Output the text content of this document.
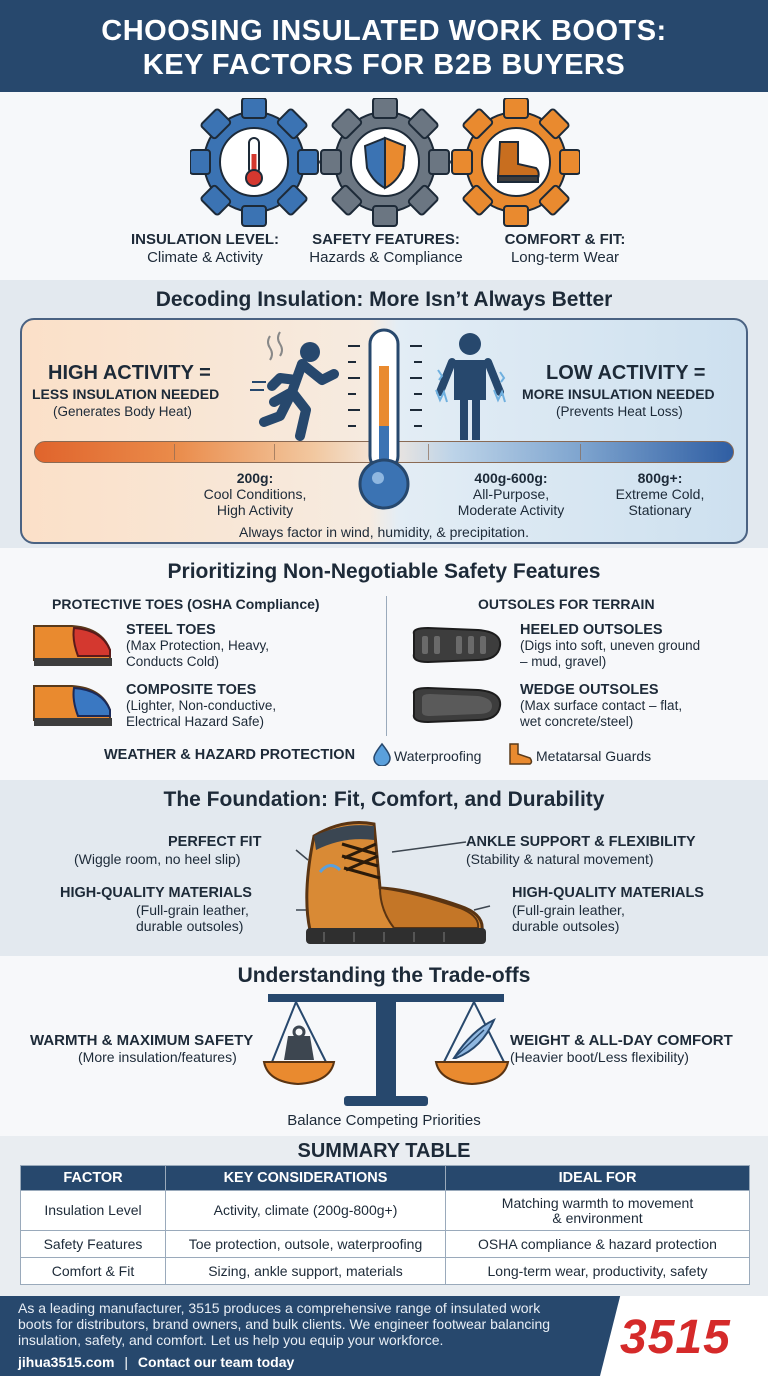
CHOOSING INSULATED WORK BOOTS:
KEY FACTORS FOR B2B BUYERS
INSULATION LEVEL:
Climate & Activity
SAFETY FEATURES:
Hazards & Compliance
COMFORT & FIT:
Long-term Wear
Decoding Insulation: More Isn’t Always Better
HIGH ACTIVITY =
LESS INSULATION NEEDED
(Generates Body Heat)
LOW ACTIVITY =
MORE INSULATION NEEDED
(Prevents Heat Loss)
200g:
Cool Conditions,
High Activity
400g-600g:
All-Purpose,
Moderate Activity
800g+:
Extreme Cold,
Stationary
Always factor in wind, humidity, & precipitation.
Prioritizing Non-Negotiable Safety Features
PROTECTIVE TOES (OSHA Compliance)	OUTSOLES FOR TERRAIN
STEEL TOES
(Max Protection, Heavy,
Conducts Cold)
COMPOSITE TOES
(Lighter, Non-conductive,
Electrical Hazard Safe)
HEELED OUTSOLES
(Digs into soft, uneven ground
– mud, gravel)
WEDGE OUTSOLES
(Max surface contact – flat,
wet concrete/steel)
WEATHER & HAZARD PROTECTION	Waterproofing	Metatarsal Guards
The Foundation: Fit, Comfort, and Durability
PERFECT FIT
(Wiggle room, no heel slip)
HIGH-QUALITY MATERIALS
(Full-grain leather,
durable outsoles)
ANKLE SUPPORT & FLEXIBILITY
(Stability & natural movement)
HIGH-QUALITY MATERIALS
(Full-grain leather,
durable outsoles)
Understanding the Trade-offs
WARMTH & MAXIMUM SAFETY
(More insulation/features)
WEIGHT & ALL-DAY COMFORT
(Heavier boot/Less flexibility)
Balance Competing Priorities
SUMMARY TABLE
FACTOR	KEY CONSIDERATIONS	IDEAL FOR
Insulation Level	Activity, climate (200g-800g+)	Matching warmth to movement
& environment
Safety Features	Toe protection, outsole, waterproofing	OSHA compliance & hazard protection
Comfort & Fit	Sizing, ankle support, materials	Long-term wear, productivity, safety
As a leading manufacturer, 3515 produces a comprehensive range of insulated work
boots for distributors, brand owners, and bulk clients. We engineer footwear balancing
insulation, safety, and comfort. Let us help you equip your workforce.
jihua3515.com | Contact our team today	3515
